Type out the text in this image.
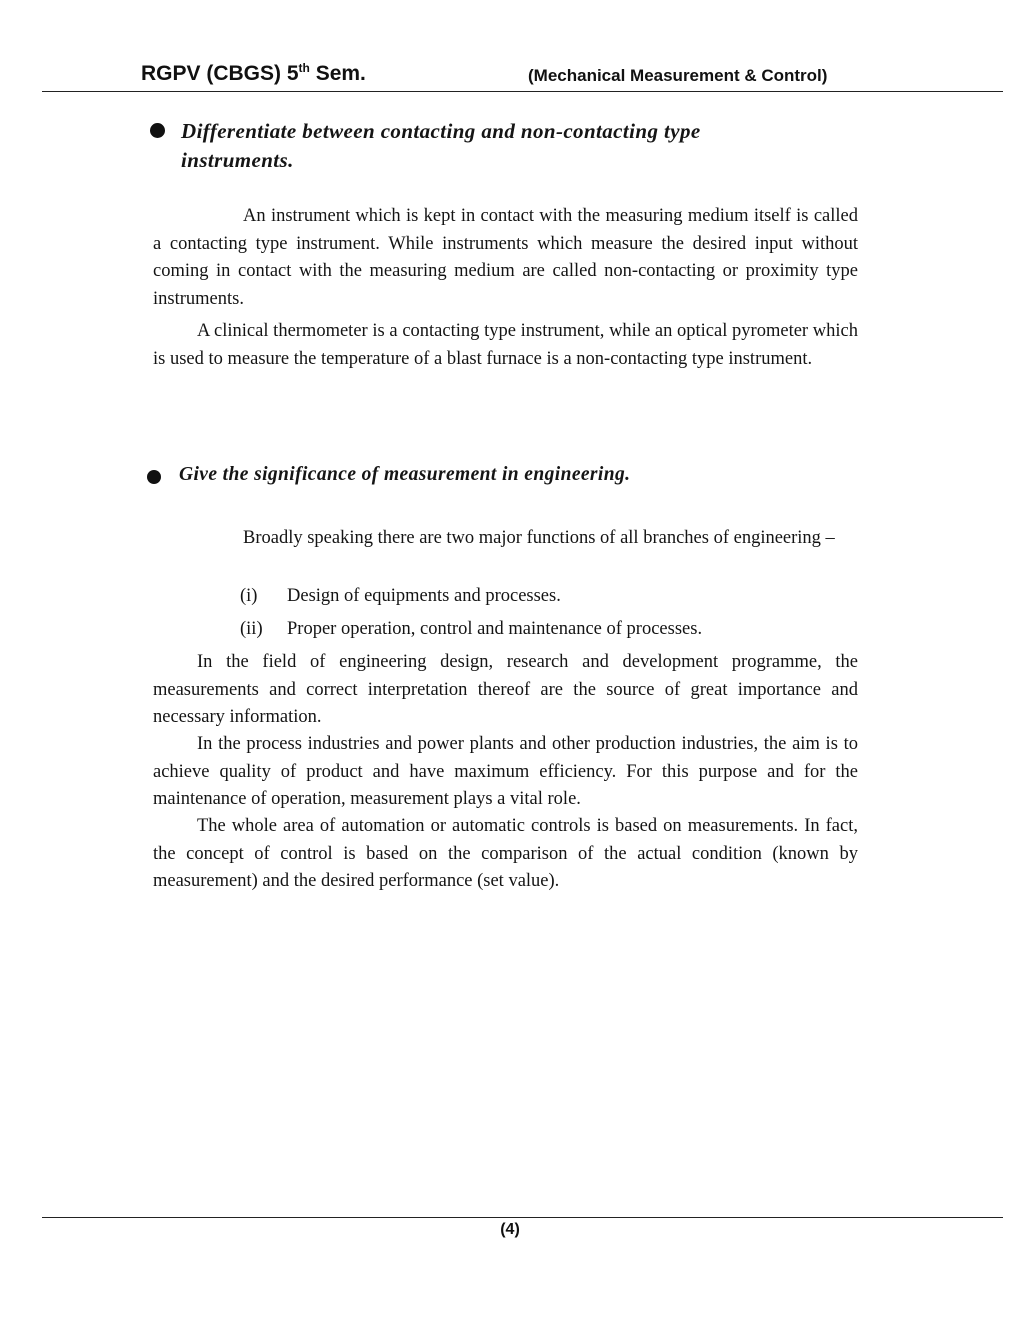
RGPV (CBGS) 5th Sem.	(Mechanical Measurement & Control)
Differentiate between contacting and non-contacting type
instruments.
An instrument which is kept in contact with the measuring medium itself is called a contacting type instrument. While instruments which measure the desired input without coming in contact with the measuring medium are called non-contacting or proximity type instruments.
A clinical thermometer is a contacting type instrument, while an optical pyrometer which is used to measure the temperature of a blast furnace is a non-contacting type instrument.
Give the significance of measurement in engineering.
Broadly speaking there are two major functions of all branches of engineering –
(i) Design of equipments and processes.
(ii) Proper operation, control and maintenance of processes.
In the field of engineering design, research and development programme, the measurements and correct interpretation thereof are the source of great importance and necessary information.
In the process industries and power plants and other production industries, the aim is to achieve quality of product and have maximum efficiency. For this purpose and for the maintenance of operation, measurement plays a vital role.
The whole area of automation or automatic controls is based on measurements. In fact, the concept of control is based on the comparison of the actual condition (known by measurement) and the desired performance (set value).
(4)
